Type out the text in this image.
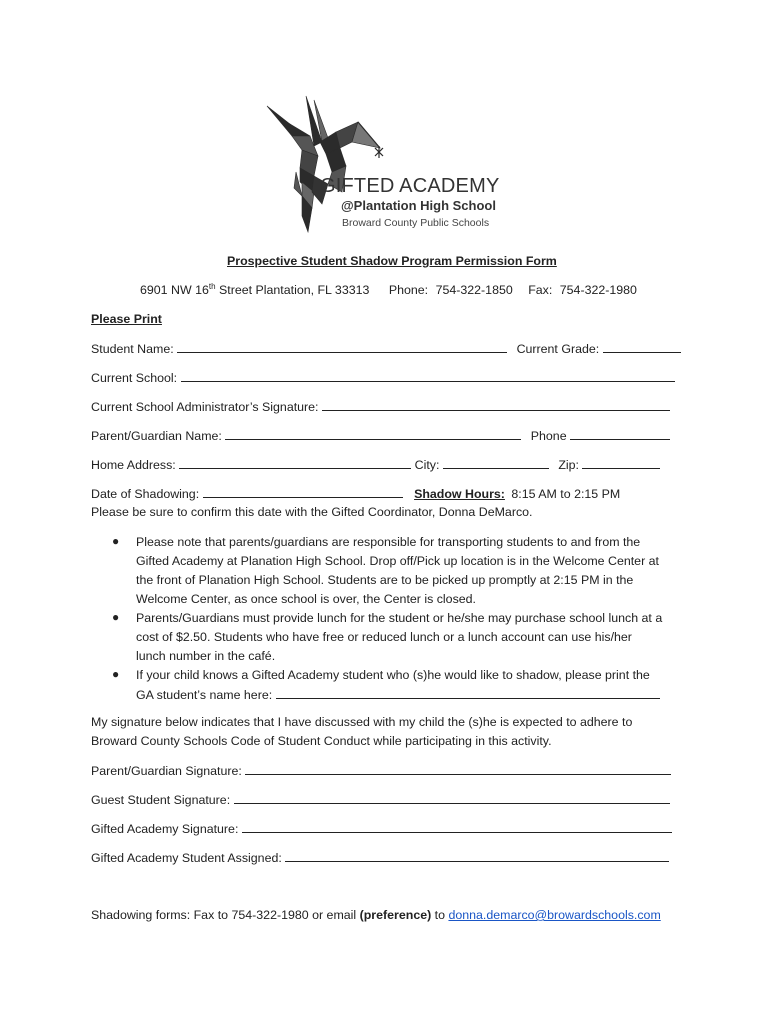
GIFTED ACADEMY
@Plantation High School
Broward County Public Schools
Prospective Student Shadow Program Permission Form
6901 NW 16th Street Plantation, FL 33313 Phone: 754-322-1850 Fax: 754-322-1980
Please Print
Student Name:	Current Grade:
Current School:
Current School Administrator’s Signature:
Parent/Guardian Name:	Phone
Home Address:	City:	Zip:
Date of Shadowing:	Shadow Hours: 8:15 AM to 2:15 PM
Please be sure to confirm this date with the Gifted Coordinator, Donna DeMarco.
● Please note that parents/guardians are responsible for transporting students to and from the
Gifted Academy at Planation High School. Drop off/Pick up location is in the Welcome Center at
the front of Planation High School. Students are to be picked up promptly at 2:15 PM in the
Welcome Center, as once school is over, the Center is closed.
● Parents/Guardians must provide lunch for the student or he/she may purchase school lunch at a
cost of $2.50. Students who have free or reduced lunch or a lunch account can use his/her
lunch number in the café.
● If your child knows a Gifted Academy student who (s)he would like to shadow, please print the
GA student’s name here:
My signature below indicates that I have discussed with my child the (s)he is expected to adhere to
Broward County Schools Code of Student Conduct while participating in this activity.
Parent/Guardian Signature:
Guest Student Signature:
Gifted Academy Signature:
Gifted Academy Student Assigned:
Shadowing forms: Fax to 754-322-1980 or email (preference) to donna.demarco@browardschools.com
